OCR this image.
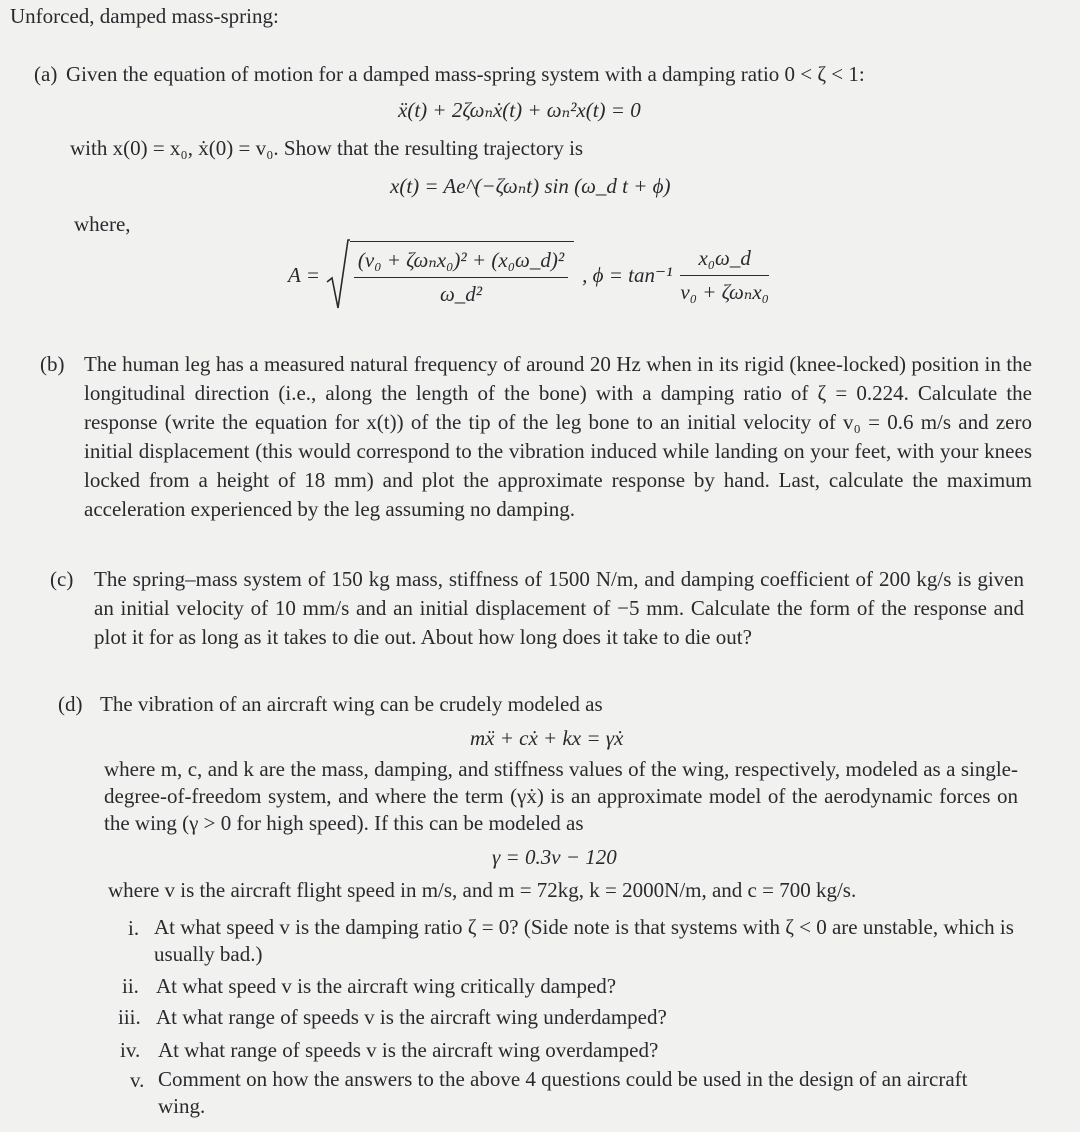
Unforced, damped mass-spring:
(a) Given the equation of motion for a damped mass-spring system with a damping ratio 0 < ζ < 1:
ẍ(t) + 2ζωₙẋ(t) + ωₙ²x(t) = 0
with x(0) = x₀, ẋ(0) = v₀. Show that the resulting trajectory is
x(t) = Ae^(−ζωₙt) sin (ω_d t + ϕ)
where,
$A = \frac{\text{(v₀ + ζωₙx₀)² + (x₀ω\_d)²}}{\text{ω\_d²}}$ , $\phi = \tan^{-1} \frac{\text{x₀ω\_d}}{\text{v₀ + ζωₙx₀}}$
(b) The human leg has a measured natural frequency of around 20 Hz when in its rigid (knee-locked) position in the longitudinal direction (i.e., along the length of the bone) with a damping ratio of ζ = 0.224. Calculate the response (write the equation for x(t)) of the tip of the leg bone to an initial velocity of v₀ = 0.6 m/s and zero initial displacement (this would correspond to the vibration induced while landing on your feet, with your knees locked from a height of 18 mm) and plot the approximate response by hand. Last, calculate the maximum acceleration experienced by the leg assuming no damping.
(c) The spring–mass system of 150 kg mass, stiffness of 1500 N/m, and damping coefficient of 200 kg/s is given an initial velocity of 10 mm/s and an initial displacement of −5 mm. Calculate the form of the response and plot it for as long as it takes to die out. About how long does it take to die out?
(d) The vibration of an aircraft wing can be crudely modeled as
mẍ + cẋ + kx = γẋ
where m, c, and k are the mass, damping, and stiffness values of the wing, respectively, modeled as a single-degree-of-freedom system, and where the term (γẋ) is an approximate model of the aerodynamic forces on the wing (γ > 0 for high speed). If this can be modeled as
γ = 0.3v − 120
where v is the aircraft flight speed in m/s, and m = 72kg, k = 2000N/m, and c = 700 kg/s.
i. At what speed v is the damping ratio ζ = 0? (Side note is that systems with ζ < 0 are unstable, which is usually bad.)
ii. At what speed v is the aircraft wing critically damped?
iii. At what range of speeds v is the aircraft wing underdamped?
iv. At what range of speeds v is the aircraft wing overdamped?
v. Comment on how the answers to the above 4 questions could be used in the design of an aircraft wing.
